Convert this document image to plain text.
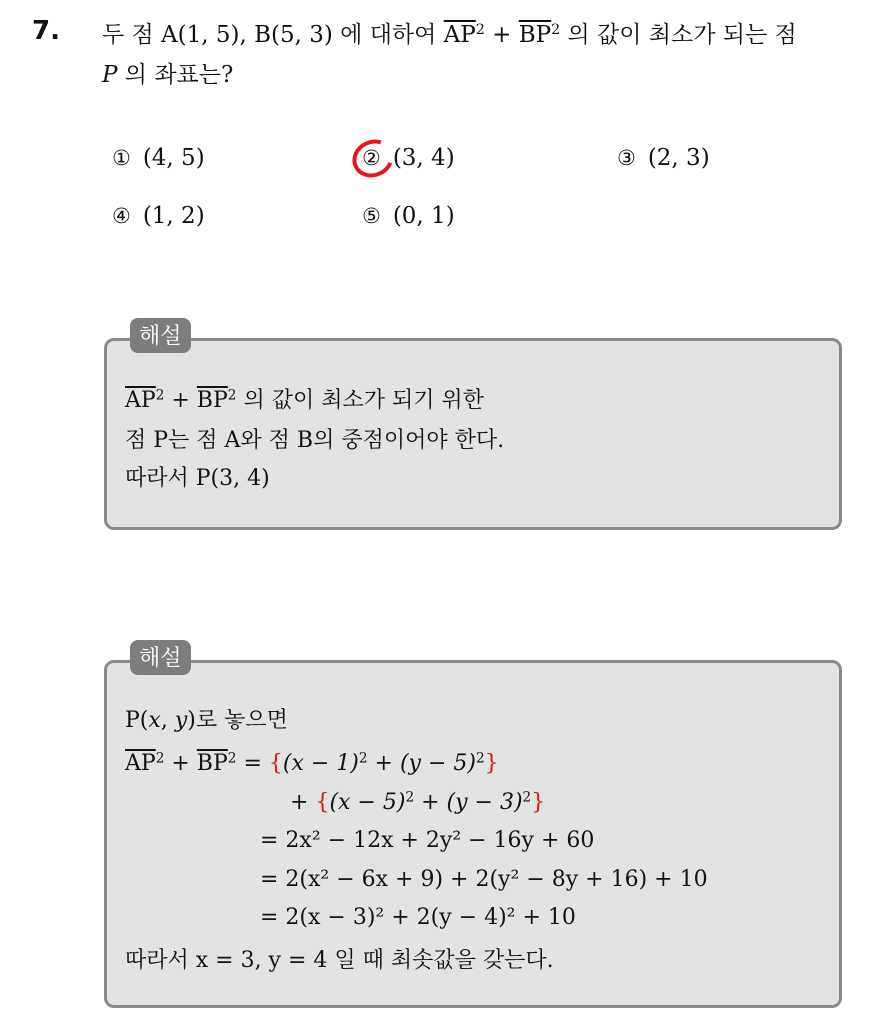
7. 두 점 A(1, 5), B(5, 3) 에 대하여 $\overline{AP}^2 + \overline{BP}^2$ 의 값이 최소가 되는 점
P 의 좌표는?
① (4, 5)	② (3, 4)	③ (2, 3)
④ (1, 2)	⑤ (0, 1)
$\overline{AP}^2 + \overline{BP}^2$ 의 값이 최소가 되기 위한
점 P는 점 A와 점 B의 중점이어야 한다.
따라서 P(3, 4)
해설
P(x, y)로 놓으면
$\overline{AP}^2 + \overline{BP}^2 = \{(x - 1)^2 + (y - 5)^2\}$
+ $\{(x - 5)^2 + (y - 3)^2\}$
= 2x² − 12x + 2y² − 16y + 60
= 2(x² − 6x + 9) + 2(y² − 8y + 16) + 10
= 2(x − 3)² + 2(y − 4)² + 10
따라서 x = 3, y = 4 일 때 최솟값을 갖는다.
해설
